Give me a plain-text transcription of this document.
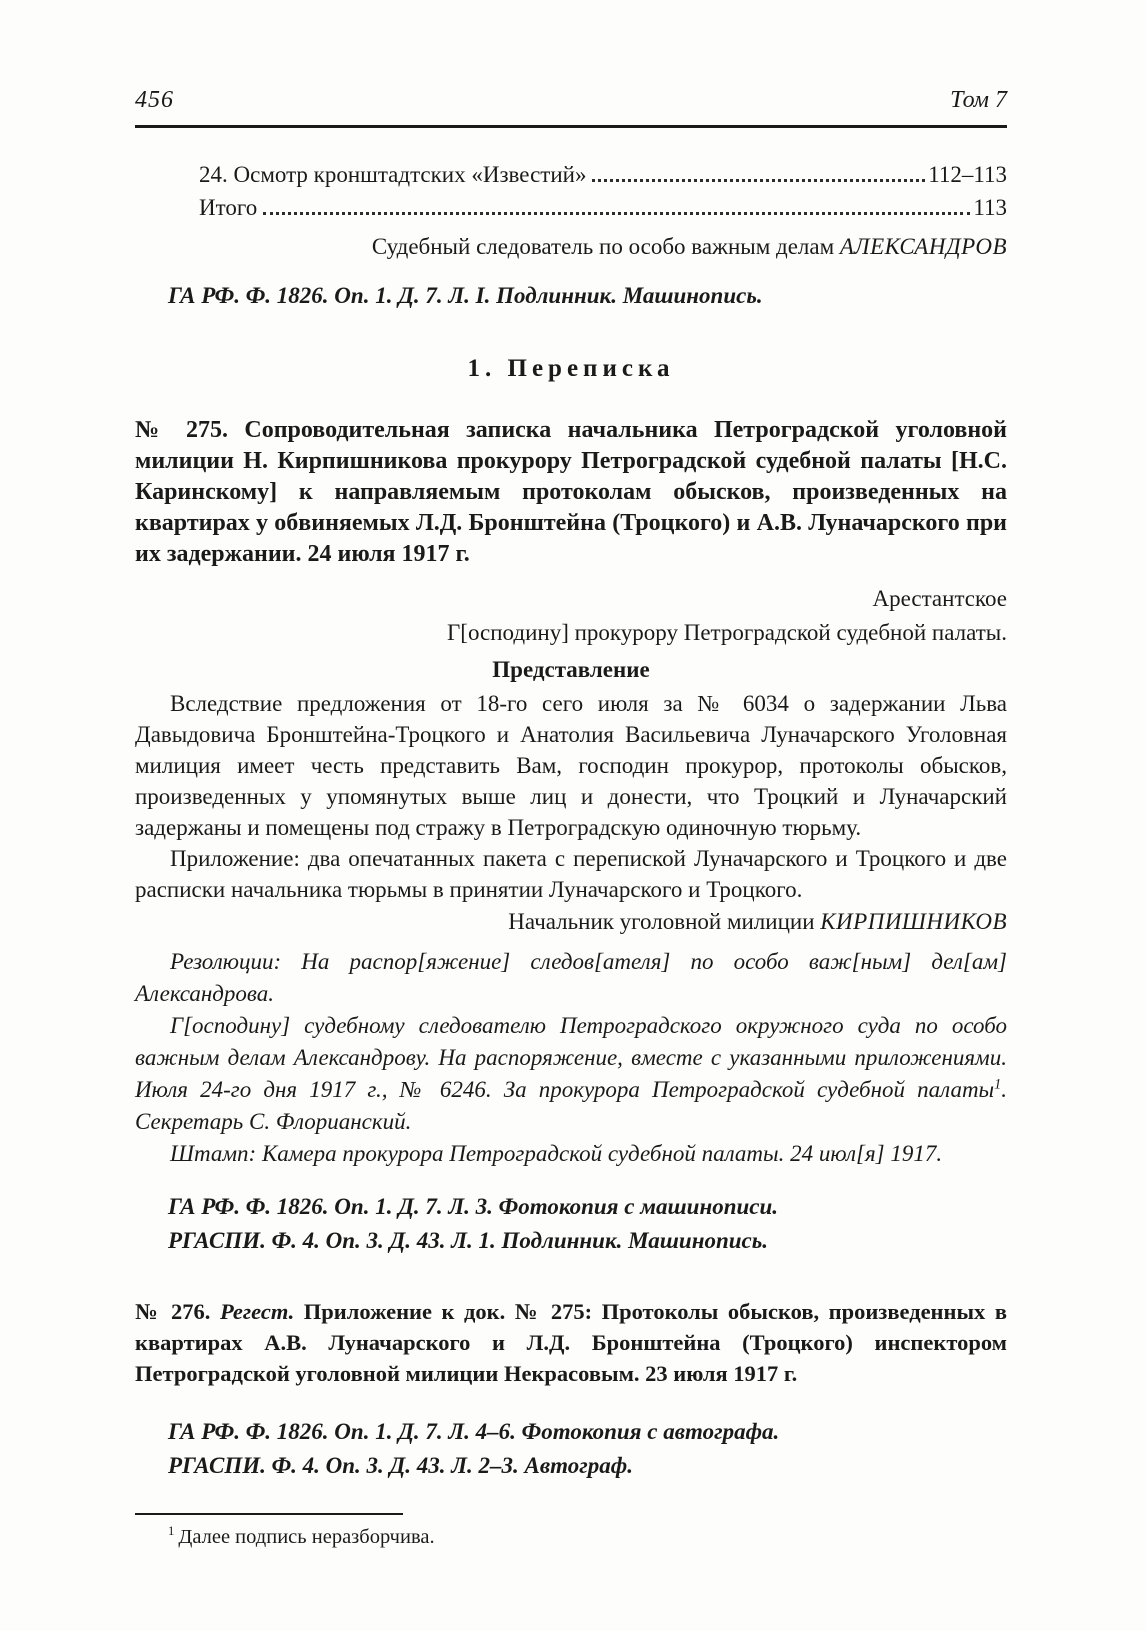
456	Том 7
24. Осмотр кронштадтских «Известий»	112–113
Итого	113
Судебный следователь по особо важным делам АЛЕКСАНДРОВ
ГА РФ. Ф. 1826. Оп. 1. Д. 7. Л. I. Подлинник. Машинопись.
1. Переписка
№ 275. Сопроводительная записка начальника Петроградской уголовной милиции Н. Кирпишникова прокурору Петроградской судебной палаты [Н.С. Каринскому] к направляемым протоколам обысков, произведенных на квартирах у обвиняемых Л.Д. Бронштейна (Троцкого) и А.В. Луначарского при их задержании. 24 июля 1917 г.
Арестантское
Г[осподину] прокурору Петроградской судебной палаты.
Представление

Вследствие предложения от 18-го сего июля за № 6034 о задержании Льва Давыдовича Бронштейна-Троцкого и Анатолия Васильевича Луначарского Уголовная милиция имеет честь представить Вам, господин прокурор, протоколы обысков, произведенных у упомянутых выше лиц и донести, что Троцкий и Луначарский задержаны и помещены под стражу в Петроградскую одиночную тюрьму.

Приложение: два опечатанных пакета с перепиской Луначарского и Троцкого и две расписки начальника тюрьмы в принятии Луначарского и Троцкого.

Начальник уголовной милиции КИРПИШНИКОВ

Резолюции: На распор[яжение] следов[ателя] по особо важ[ным] дел[ам] Александрова.

Г[осподину] судебному следователю Петроградского окружного суда по особо важным делам Александрову. На распоряжение, вместе с указанными приложениями. Июля 24-го дня 1917 г., № 6246. За прокурора Петроградской судебной палаты$^1$. Секретарь С. Флорианский.

Штамп: Камера прокурора Петроградской судебной палаты. 24 июл[я] 1917.
ГА РФ. Ф. 1826. Оп. 1. Д. 7. Л. 3. Фотокопия с машинописи.
РГАСПИ. Ф. 4. Оп. 3. Д. 43. Л. 1. Подлинник. Машинопись.
№ 276. Регест. Приложение к док. № 275: Протоколы обысков, произведенных в квартирах А.В. Луначарского и Л.Д. Бронштейна (Троцкого) инспектором Петроградской уголовной милиции Некрасовым. 23 июля 1917 г.
ГА РФ. Ф. 1826. Оп. 1. Д. 7. Л. 4–6. Фотокопия с автографа.
РГАСПИ. Ф. 4. Оп. 3. Д. 43. Л. 2–3. Автограф.
$^1$ Далее подпись неразборчива.
